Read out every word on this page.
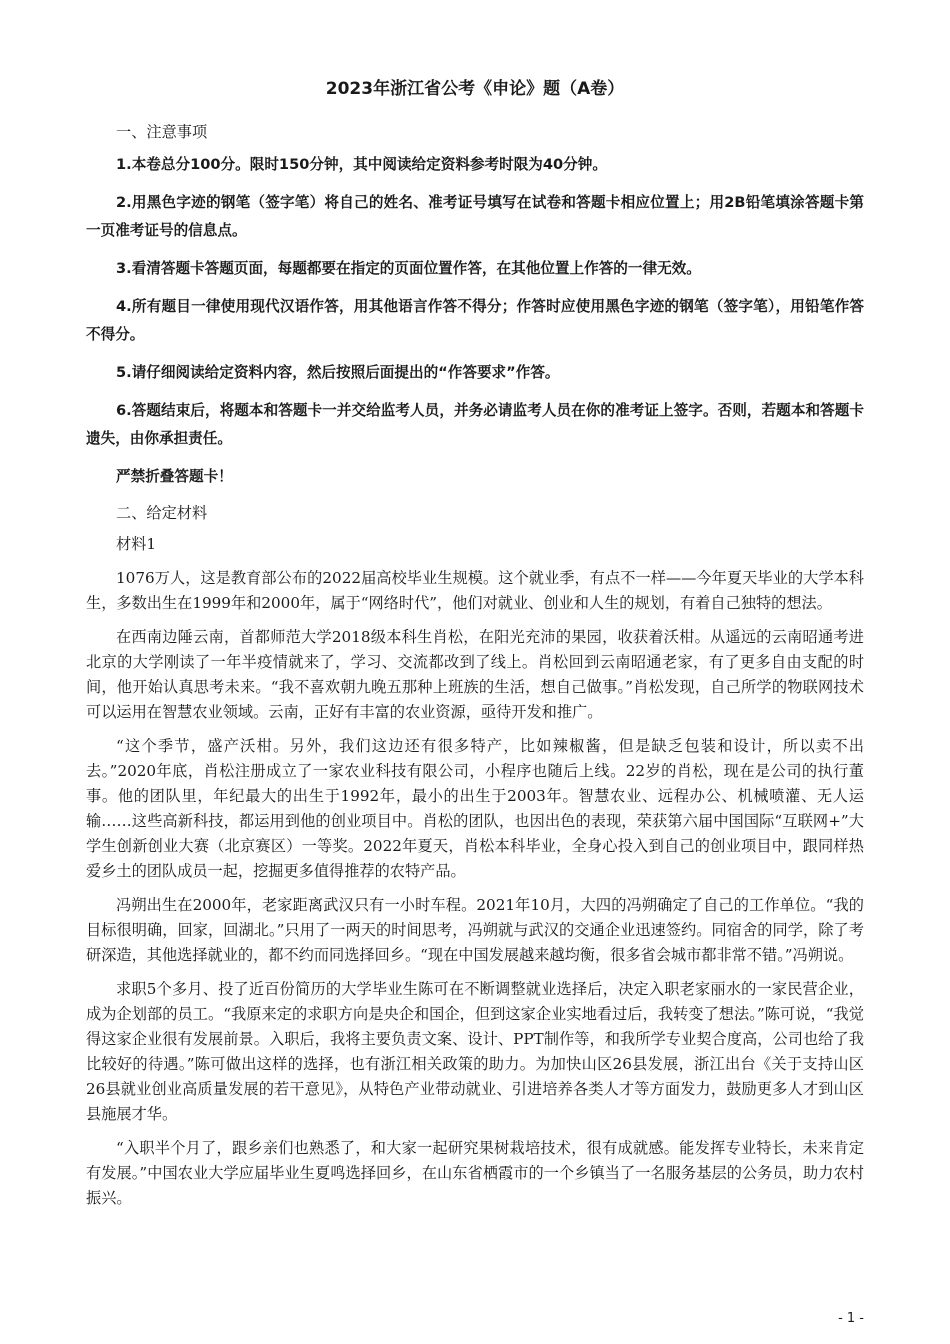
2023年浙江省公考《申论》题（A卷）

一、注意事项

1.本卷总分100分。限时150分钟，其中阅读给定资料参考时限为40分钟。

2.用黑色字迹的钢笔（签字笔）将自己的姓名、准考证号填写在试卷和答题卡相应位置上；用2B铅笔填涂答题卡第一页准考证号的信息点。

3.看清答题卡答题页面，每题都要在指定的页面位置作答，在其他位置上作答的一律无效。

4.所有题目一律使用现代汉语作答，用其他语言作答不得分；作答时应使用黑色字迹的钢笔（签字笔），用铅笔作答不得分。

5.请仔细阅读给定资料内容，然后按照后面提出的“作答要求”作答。

6.答题结束后，将题本和答题卡一并交给监考人员，并务必请监考人员在你的准考证上签字。否则，若题本和答题卡遗失，由你承担责任。

严禁折叠答题卡！

二、给定材料

材料1

1076万人，这是教育部公布的2022届高校毕业生规模。这个就业季，有点不一样——今年夏天毕业的大学本科生，多数出生在1999年和2000年，属于“网络时代”，他们对就业、创业和人生的规划，有着自己独特的想法。

在西南边陲云南，首都师范大学2018级本科生肖松，在阳光充沛的果园，收获着沃柑。从遥远的云南昭通考进北京的大学刚读了一年半疫情就来了，学习、交流都改到了线上。肖松回到云南昭通老家，有了更多自由支配的时间，他开始认真思考未来。“我不喜欢朝九晚五那种上班族的生活，想自己做事。”肖松发现，自己所学的物联网技术可以运用在智慧农业领域。云南，正好有丰富的农业资源，亟待开发和推广。

“这个季节，盛产沃柑。另外，我们这边还有很多特产，比如辣椒酱，但是缺乏包装和设计，所以卖不出去。”2020年底，肖松注册成立了一家农业科技有限公司，小程序也随后上线。22岁的肖松，现在是公司的执行董事。他的团队里，年纪最大的出生于1992年，最小的出生于2003年。智慧农业、远程办公、机械喷灌、无人运输……这些高新科技，都运用到他的创业项目中。肖松的团队，也因出色的表现，荣获第六届中国国际“互联网+”大学生创新创业大赛（北京赛区）一等奖。2022年夏天，肖松本科毕业，全身心投入到自己的创业项目中，跟同样热爱乡土的团队成员一起，挖掘更多值得推荐的农特产品。

冯朔出生在2000年，老家距离武汉只有一小时车程。2021年10月，大四的冯朔确定了自己的工作单位。“我的目标很明确，回家，回湖北。”只用了一两天的时间思考，冯朔就与武汉的交通企业迅速签约。同宿舍的同学，除了考研深造，其他选择就业的，都不约而同选择回乡。“现在中国发展越来越均衡，很多省会城市都非常不错。”冯朔说。

求职5个多月、投了近百份简历的大学毕业生陈可在不断调整就业选择后，决定入职老家丽水的一家民营企业，成为企划部的员工。“我原来定的求职方向是央企和国企，但到这家企业实地看过后，我转变了想法。”陈可说，“我觉得这家企业很有发展前景。入职后，我将主要负责文案、设计、PPT制作等，和我所学专业契合度高，公司也给了我比较好的待遇。”陈可做出这样的选择，也有浙江相关政策的助力。为加快山区26县发展，浙江出台《关于支持山区26县就业创业高质量发展的若干意见》，从特色产业带动就业、引进培养各类人才等方面发力，鼓励更多人才到山区县施展才华。

“入职半个月了，跟乡亲们也熟悉了，和大家一起研究果树栽培技术，很有成就感。能发挥专业特长，未来肯定有发展。”中国农业大学应届毕业生夏鸣选择回乡，在山东省栖霞市的一个乡镇当了一名服务基层的公务员，助力农村振兴。

- 1 -
